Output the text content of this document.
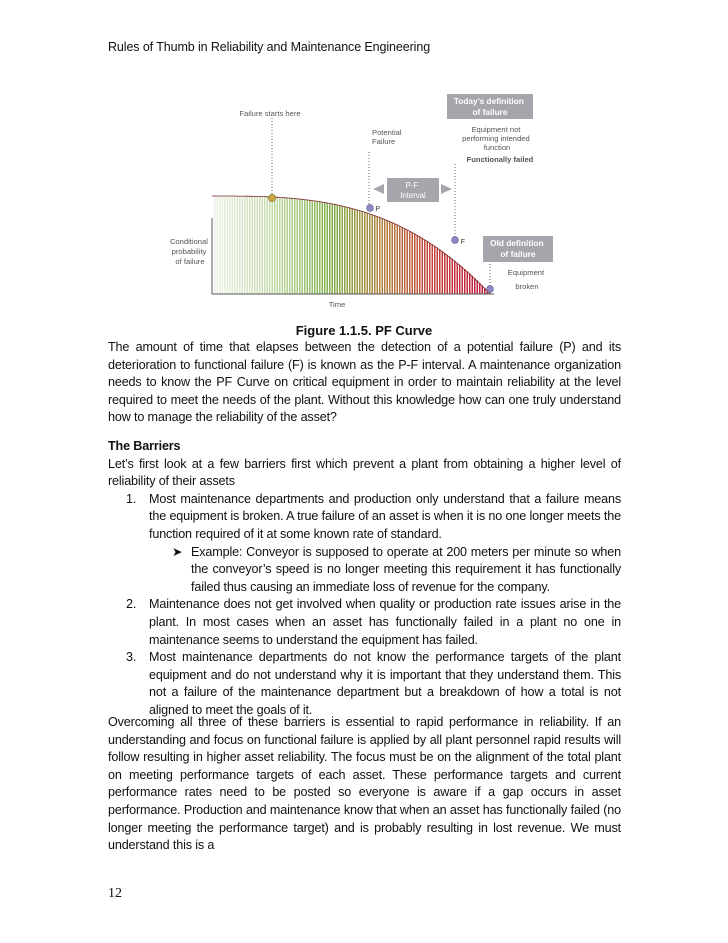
Rules of Thumb in Reliability and Maintenance Engineering
Failure starts here
Potential Failure
Today’s definition of failure
Equipment not performing intended function
Functionally failed
P-F Interval
P
F	Old definition of failure
Equipment broken
Conditional probability of failure
Time
Figure 1.1.5. PF Curve

The amount of time that elapses between the detection of a potential failure (P) and its deterioration to functional failure (F) is known as the P-F interval. A maintenance organization needs to know the PF Curve on critical equipment in order to maintain reliability at the level required to meet the needs of the plant. Without this knowledge how can one truly understand how to manage the reliability of the asset?

The Barriers

Let’s first look at a few barriers first which prevent a plant from obtaining a higher level of reliability of their assets

1. Most maintenance departments and production only understand that a failure means the equipment is broken. A true failure of an asset is when it is no one longer meets the function required of it at some known rate of standard.
➤ Example: Conveyor is supposed to operate at 200 meters per minute so when the conveyor’s speed is no longer meeting this requirement it has functionally failed thus causing an immediate loss of revenue for the company.
2. Maintenance does not get involved when quality or production rate issues arise in the plant. In most cases when an asset has functionally failed in a plant no one in maintenance seems to understand the equipment has failed.
3. Most maintenance departments do not know the performance targets of the plant equipment and do not understand why it is important that they understand them. This not a failure of the maintenance department but a breakdown of how a total is not aligned to meet the goals of it.

Overcoming all three of these barriers is essential to rapid performance in reliability. If an understanding and focus on functional failure is applied by all plant personnel rapid results will follow resulting in higher asset reliability. The focus must be on the alignment of the total plant on meeting performance targets of each asset. These performance targets and current performance rates need to be posted so everyone is aware if a gap occurs in asset performance. Production and maintenance know that when an asset has functionally failed (no longer meeting the performance target) and is probably resulting in lost revenue. We must understand this is a

12
